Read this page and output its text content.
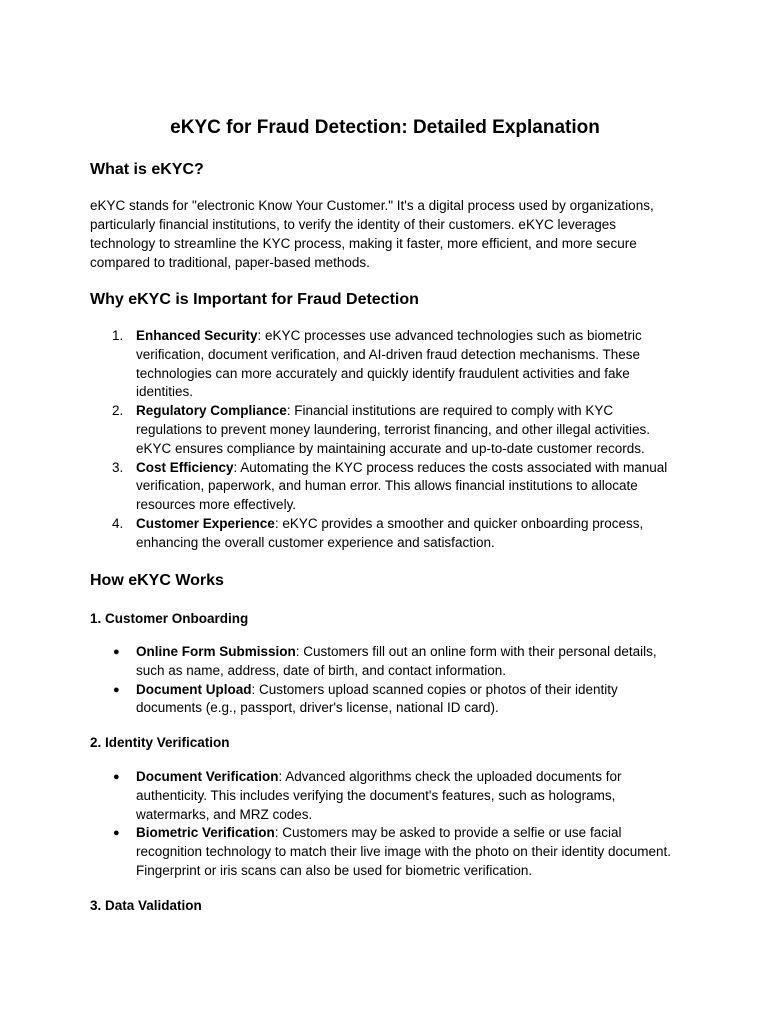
eKYC for Fraud Detection: Detailed Explanation
What is eKYC?

eKYC stands for "electronic Know Your Customer." It's a digital process used by organizations, particularly financial institutions, to verify the identity of their customers. eKYC leverages technology to streamline the KYC process, making it faster, more efficient, and more secure compared to traditional, paper-based methods.

Why eKYC is Important for Fraud Detection
1. Enhanced Security: eKYC processes use advanced technologies such as biometric verification, document verification, and AI-driven fraud detection mechanisms. These technologies can more accurately and quickly identify fraudulent activities and fake identities.
2. Regulatory Compliance: Financial institutions are required to comply with KYC regulations to prevent money laundering, terrorist financing, and other illegal activities. eKYC ensures compliance by maintaining accurate and up-to-date customer records.
3. Cost Efficiency: Automating the KYC process reduces the costs associated with manual verification, paperwork, and human error. This allows financial institutions to allocate resources more effectively.
4. Customer Experience: eKYC provides a smoother and quicker onboarding process, enhancing the overall customer experience and satisfaction.
How eKYC Works
1. Customer Onboarding
● Online Form Submission: Customers fill out an online form with their personal details, such as name, address, date of birth, and contact information.
● Document Upload: Customers upload scanned copies or photos of their identity documents (e.g., passport, driver's license, national ID card).
2. Identity Verification
● Document Verification: Advanced algorithms check the uploaded documents for authenticity. This includes verifying the document's features, such as holograms, watermarks, and MRZ codes.
● Biometric Verification: Customers may be asked to provide a selfie or use facial recognition technology to match their live image with the photo on their identity document. Fingerprint or iris scans can also be used for biometric verification.
3. Data Validation
